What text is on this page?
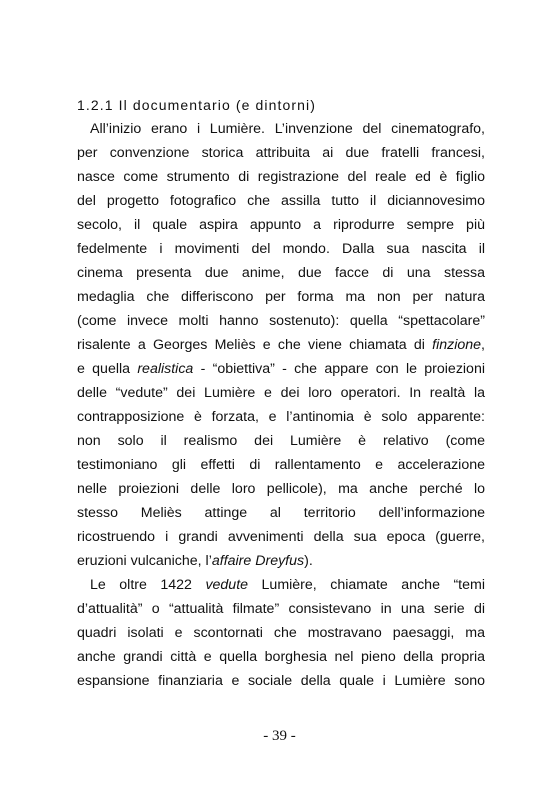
1.2.1 Il documentario (e dintorni)
All’inizio erano i Lumière. L’invenzione del cinematografo,
per convenzione storica attribuita ai due fratelli francesi,
nasce come strumento di registrazione del reale ed è figlio
del progetto fotografico che assilla tutto il diciannovesimo
secolo, il quale aspira appunto a riprodurre sempre più
fedelmente i movimenti del mondo. Dalla sua nascita il
cinema presenta due anime, due facce di una stessa
medaglia che differiscono per forma ma non per natura
(come invece molti hanno sostenuto): quella “spettacolare”
risalente a Georges Meliès e che viene chiamata di finzione,
e quella realistica - “obiettiva” - che appare con le proiezioni
delle “vedute” dei Lumière e dei loro operatori. In realtà la
contrapposizione è forzata, e l’antinomia è solo apparente:
non solo il realismo dei Lumière è relativo (come
testimoniano gli effetti di rallentamento e accelerazione
nelle proiezioni delle loro pellicole), ma anche perché lo
stesso Meliès attinge al territorio dell’informazione
ricostruendo i grandi avvenimenti della sua epoca (guerre,
eruzioni vulcaniche, l’affaire Dreyfus).
Le oltre 1422 vedute Lumière, chiamate anche “temi
d’attualità” o “attualità filmate” consistevano in una serie di
quadri isolati e scontornati che mostravano paesaggi, ma
anche grandi città e quella borghesia nel pieno della propria
espansione finanziaria e sociale della quale i Lumière sono
- 39 -
